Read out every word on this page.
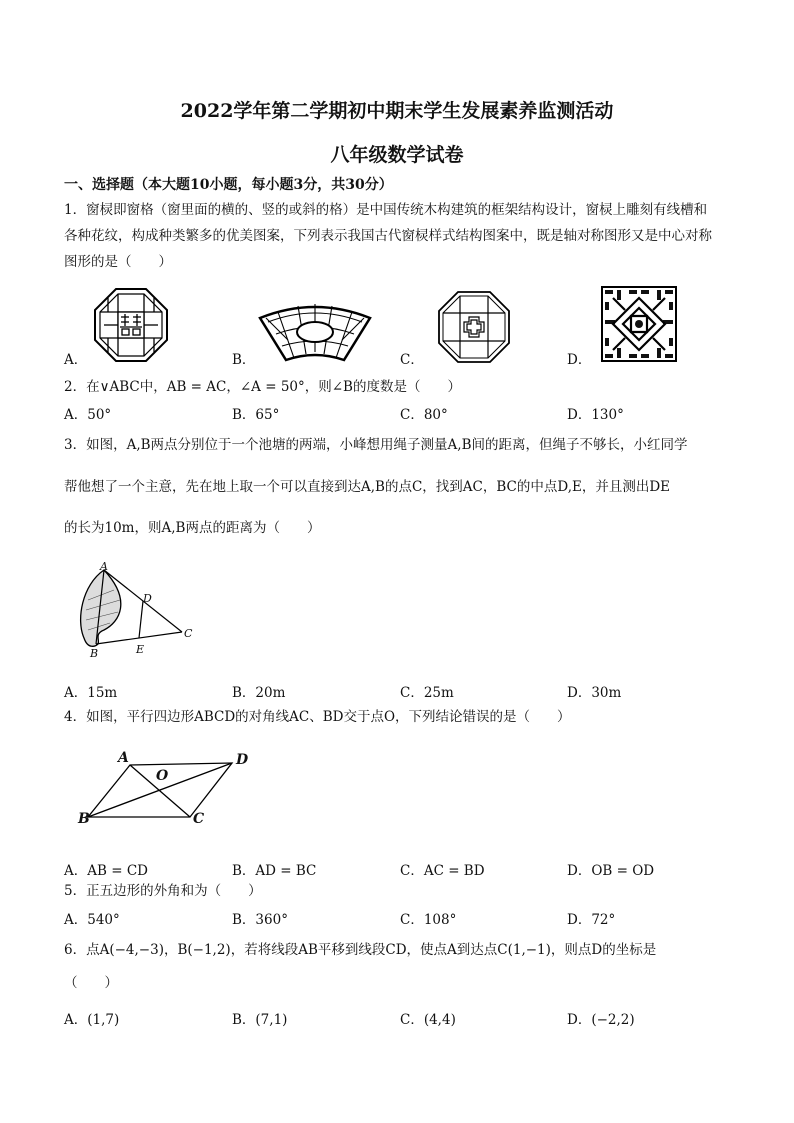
2022学年第二学期初中期末学生发展素养监测活动
八年级数学试卷
一、选择题（本大题10小题，每小题3分，共30分）
1．窗棂即窗格（窗里面的横的、竖的或斜的格）是中国传统木构建筑的框架结构设计，窗棂上雕刻有线槽和
各种花纹，构成种类繁多的优美图案，下列表示我国古代窗棂样式结构图案中，既是轴对称图形又是中心对称
图形的是（　　）
A．	B．	C．	D．
2．在∨ABC中，AB = AC，∠A = 50°，则∠B的度数是（　　）
A．50°	B．65°	C．80°	D．130°
3．如图，A,B两点分别位于一个池塘的两端，小峰想用绳子测量A,B间的距离，但绳子不够长，小红同学
帮他想了一个主意，先在地上取一个可以直接到达A,B的点C，找到AC，BC的中点D,E，并且测出DE
的长为10m，则A,B两点的距离为（　　）
A
B
C
D
E
A．15m	B．20m	C．25m	D．30m
4．如图，平行四边形ABCD的对角线AC、BD交于点O，下列结论错误的是（　　）
A	D
O
B	C
A．AB = CD	B．AD = BC	C．AC = BD	D．OB = OD
5．正五边形的外角和为（　　）
A．540°	B．360°	C．108°	D．72°
6．点A(−4,−3)，B(−1,2)，若将线段AB平移到线段CD，使点A到达点C(1,−1)，则点D的坐标是
（　　）
A．(1,7)	B．(7,1)	C．(4,4)	D．(−2,2)
